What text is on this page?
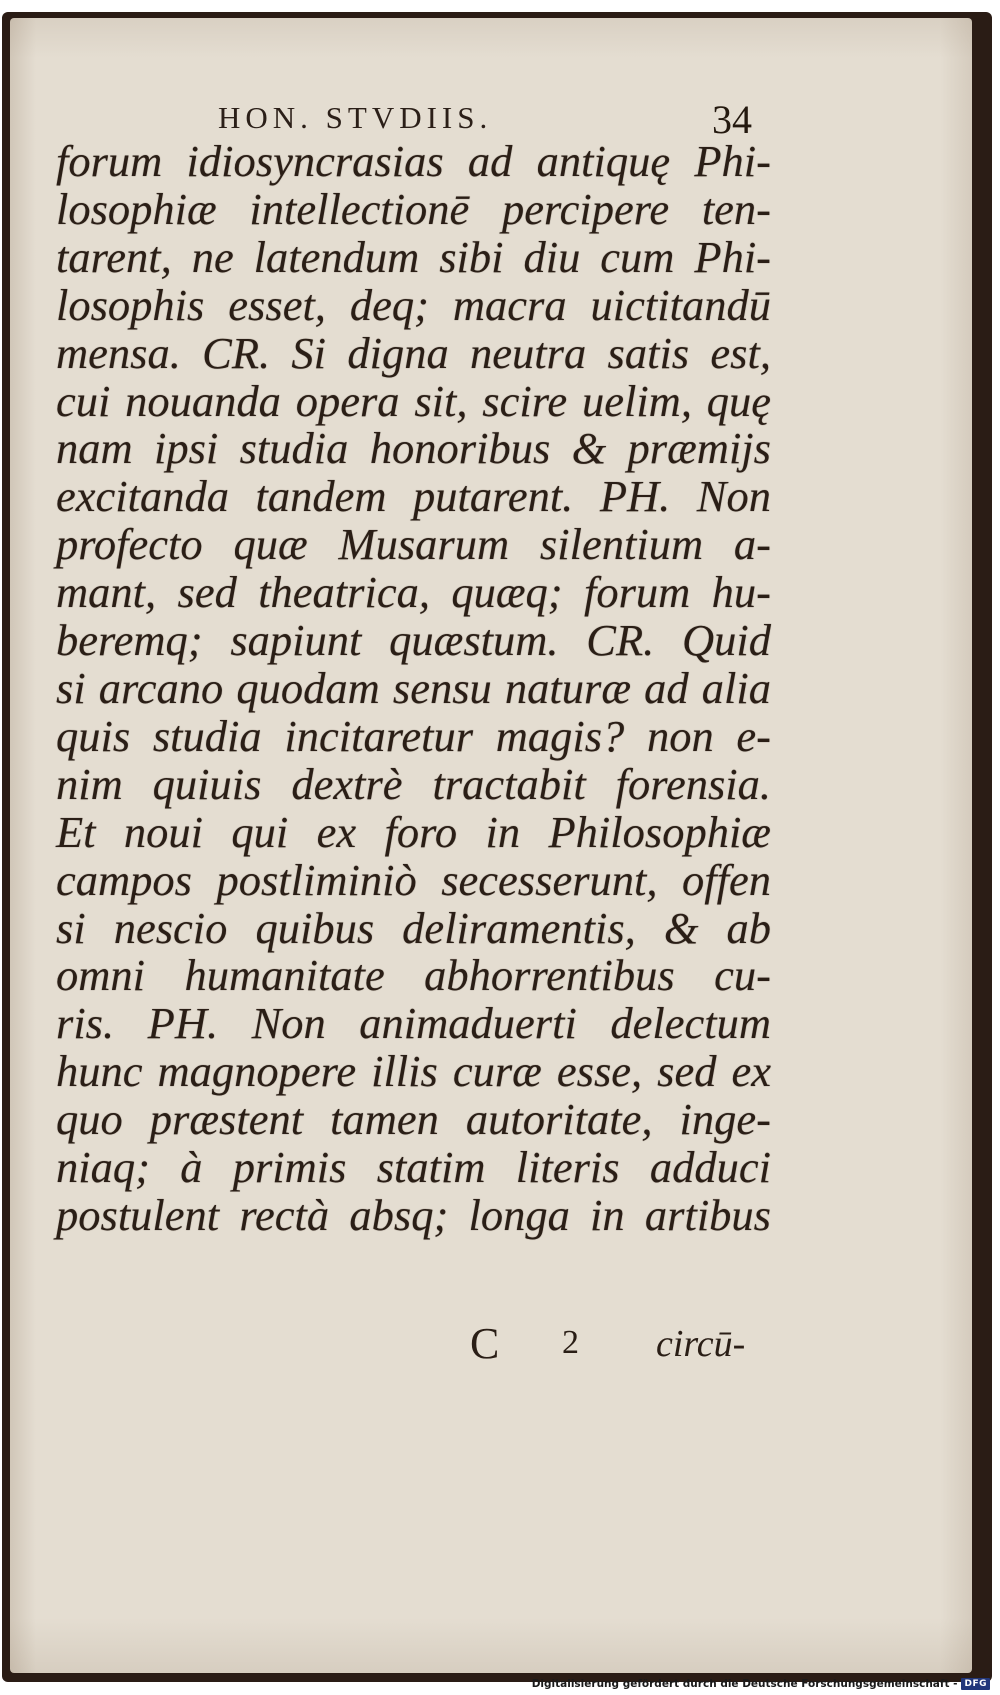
HON. STVDIIS.	34
forum idiosyncrasias ad antiquę Phi-
losophiæ intellectionē percipere ten-
tarent, ne latendum sibi diu cum Phi-
losophis esset, deq; macra uictitandū
mensa. CR. Si digna neutra satis est,
cui nouanda opera sit, scire uelim, quę
nam ipsi studia honoribus & præmijs
excitanda tandem putarent. PH. Non
profecto quæ Musarum silentium a-
mant, sed theatrica, quæq; forum hu-
beremq; sapiunt quæstum. CR. Quid
si arcano quodam sensu naturæ ad alia
quis studia incitaretur magis? non e-
nim quiuis dextrè tractabit forensia.
Et noui qui ex foro in Philosophiæ
campos postliminiò secesserunt, offen
si nescio quibus deliramentis, & ab
omni humanitate abhorrentibus cu-
ris. PH. Non animaduerti delectum
hunc magnopere illis curæ esse, sed ex
quo præstent tamen autoritate, inge-
niaq; à primis statim literis adduci
postulent rectà absq; longa in artibus
C 2 circū-
Digitalisierung gefördert durch die Deutsche Forschungsgemeinschaft - DFG
